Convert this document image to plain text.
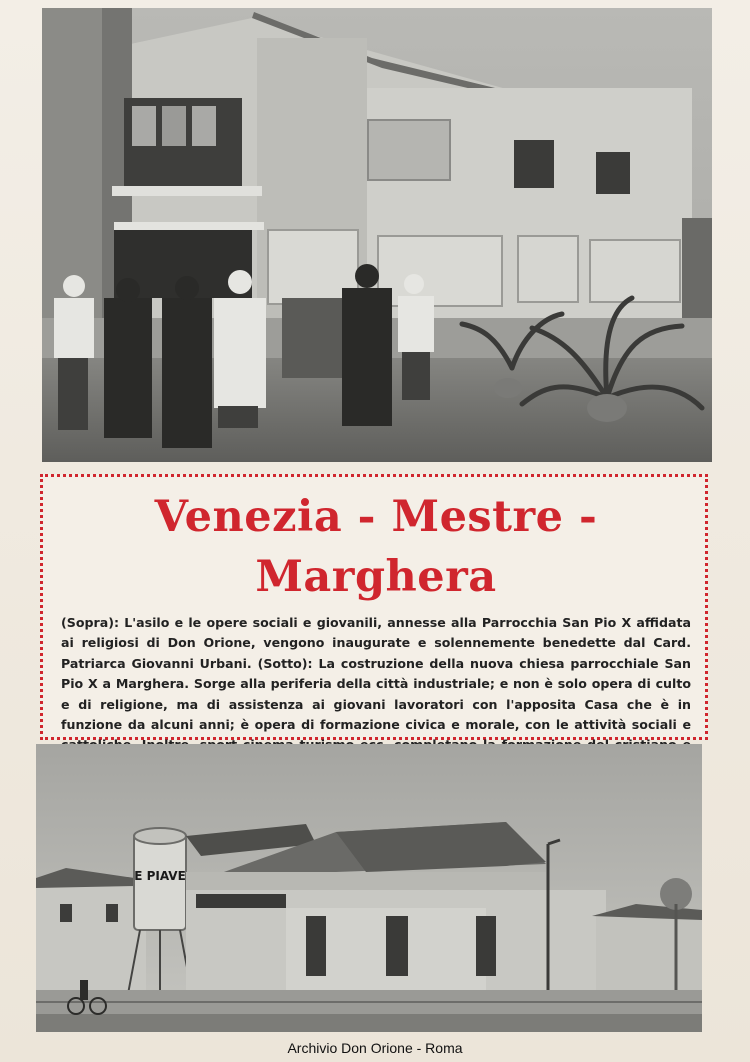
Venezia - Mestre - Marghera
(Sopra): L'asilo e le opere sociali e giovanili, annesse alla Parrocchia San Pio X affidata ai religiosi di Don Orione, vengono inaugurate e solennemente benedette dal Card. Patriarca Giovanni Urbani. (Sotto): La costruzione della nuova chiesa parrocchiale San Pio X a Marghera. Sorge alla periferia della città industriale; e non è solo opera di culto e di religione, ma di assistenza ai giovani lavoratori con l'apposita Casa che è in funzione da alcuni anni; è opera di formazione civica e morale, con le attività sociali e
E PIAVE
Archivio Don Orione - Roma
